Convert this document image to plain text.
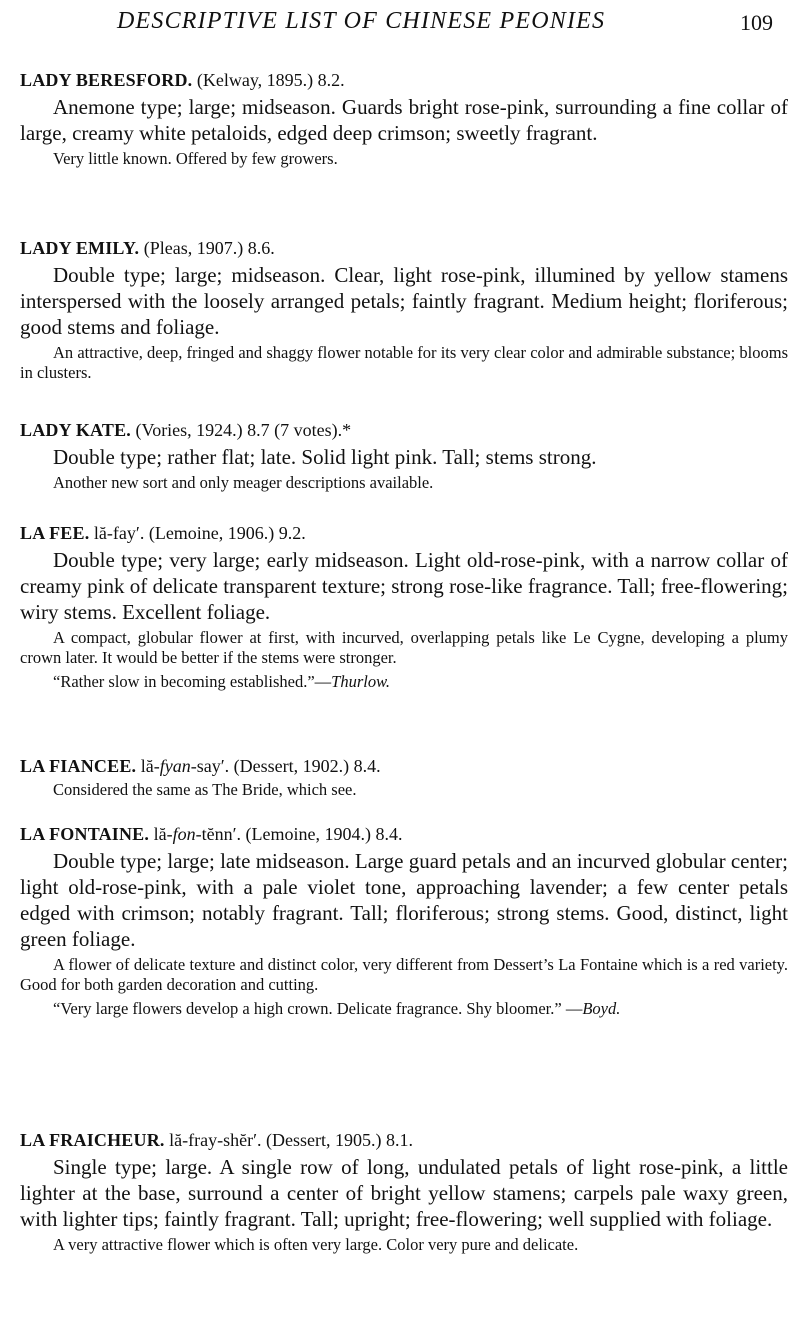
DESCRIPTIVE LIST OF CHINESE PEONIES	109
LADY BERESFORD. (Kelway, 1895.) 8.2.

Anemone type; large; midseason. Guards bright rose-pink, surrounding a fine collar of large, creamy white petaloids, edged deep crimson; sweetly fragrant.

Very little known. Offered by few growers.

LADY EMILY. (Pleas, 1907.) 8.6.

Double type; large; midseason. Clear, light rose-pink, illumined by yellow stamens interspersed with the loosely arranged petals; faintly fragrant. Medium height; floriferous; good stems and foliage.

An attractive, deep, fringed and shaggy flower notable for its very clear color and admirable substance; blooms in clusters.

LADY KATE. (Vories, 1924.) 8.7 (7 votes).*

Double type; rather flat; late. Solid light pink. Tall; stems strong.

Another new sort and only meager descriptions available.

LA FEE. lă-fay′. (Lemoine, 1906.) 9.2.

Double type; very large; early midseason. Light old-rose-pink, with a narrow collar of creamy pink of delicate transparent texture; strong rose-like fragrance. Tall; free-flowering; wiry stems. Excellent foliage.

A compact, globular flower at first, with incurved, overlapping petals like Le Cygne, developing a plumy crown later. It would be better if the stems were stronger.

“Rather slow in becoming established.”—Thurlow.

LA FIANCEE. lă-fyan-say′. (Dessert, 1902.) 8.4.

Considered the same as The Bride, which see.

LA FONTAINE. lă-fon-tĕnn′. (Lemoine, 1904.) 8.4.

Double type; large; late midseason. Large guard petals and an incurved globular center; light old-rose-pink, with a pale violet tone, approaching lavender; a few center petals edged with crimson; notably fragrant. Tall; floriferous; strong stems. Good, distinct, light green foliage.

A flower of delicate texture and distinct color, very different from Dessert’s La Fontaine which is a red variety. Good for both garden decoration and cutting.

“Very large flowers develop a high crown. Delicate fragrance. Shy bloomer.” —Boyd.

LA FRAICHEUR. lă-fray-shĕr′. (Dessert, 1905.) 8.1.

Single type; large. A single row of long, undulated petals of light rose-pink, a little lighter at the base, surround a center of bright yellow stamens; carpels pale waxy green, with lighter tips; faintly fragrant. Tall; upright; free-flowering; well supplied with foliage.

A very attractive flower which is often very large. Color very pure and delicate.
